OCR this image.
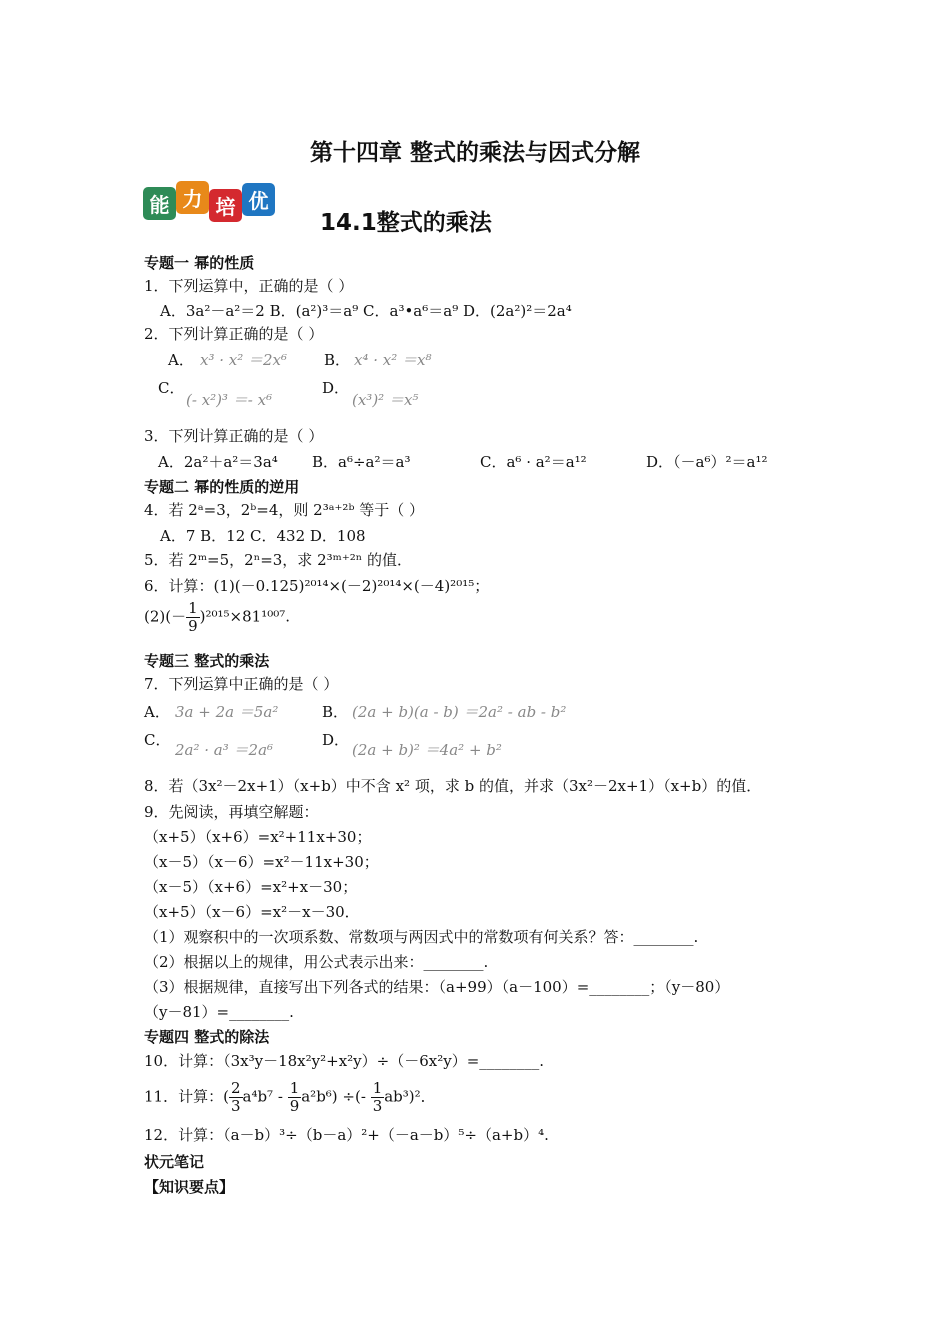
第十四章 整式的乘法与因式分解
能 力 培 优
14.1整式的乘法
专题一 幂的性质
1．下列运算中，正确的是（ ）
A．3a²－a²＝2 B．(a²)³＝a⁹ C．a³•a⁶＝a⁹ D．(2a²)²＝2a⁴
2．下列计算正确的是（ ）
A． x³ · x² ＝2x⁶ B． x⁴ · x² ＝x⁸
C．
(- x²)³ ＝- x⁶
D．
(x³)² ＝x⁵
3．下列计算正确的是（ ）
A．2a²＋a²＝3a⁴ B．a⁶÷a²＝a³	C．a⁶ · a²＝a¹²	D．（－a⁶）²＝a¹²
专题二 幂的性质的逆用
4．若 2ᵃ=3，2ᵇ=4，则 2³ᵃ⁺²ᵇ 等于（ ）
A．7 B．12 C．432 D．108
5．若 2ᵐ=5，2ⁿ=3，求 2³ᵐ⁺²ⁿ 的值．
6．计算：(1)(－0.125)²⁰¹⁴×(－2)²⁰¹⁴×(－4)²⁰¹⁵；
$(2)(- \frac{1}{9} )^{2015}\times 81^{1007}$.
专题三 整式的乘法
7．下列运算中正确的是（ ）
A． 3a + 2a ＝5a²	B． (2a + b)(a - b) ＝2a² - ab - b²
C．
2a² · a³ ＝2a⁶
D．
(2a + b)² ＝4a² + b²
8．若（3x²－2x+1）（x+b）中不含 x² 项，求 b 的值，并求（3x²－2x+1）（x+b）的值．
9．先阅读，再填空解题：
（x+5）（x+6）=x²+11x+30；
（x－5）（x－6）=x²－11x+30；
（x－5）（x+6）=x²+x－30；
（x+5）（x－6）=x²－x－30．
（1）观察积中的一次项系数、常数项与两因式中的常数项有何关系？答：________.
（2）根据以上的规律，用公式表示出来：________.
（3）根据规律，直接写出下列各式的结果：（a+99）（a－100）=________；（y－80）
（y－81）=________.
专题四 整式的除法
10．计算：（3x³y－18x²y²+x²y）÷（－6x²y）=________.
11．计算：( $\frac{2}{3} a^4b^7 - \frac{1}{9} a^2b^6$) ÷(- $\frac{1}{3} ab^3)^2$．
12．计算：（a－b）³÷（b－a）²+（－a－b）⁵÷（a+b）⁴.
状元笔记
【知识要点】
